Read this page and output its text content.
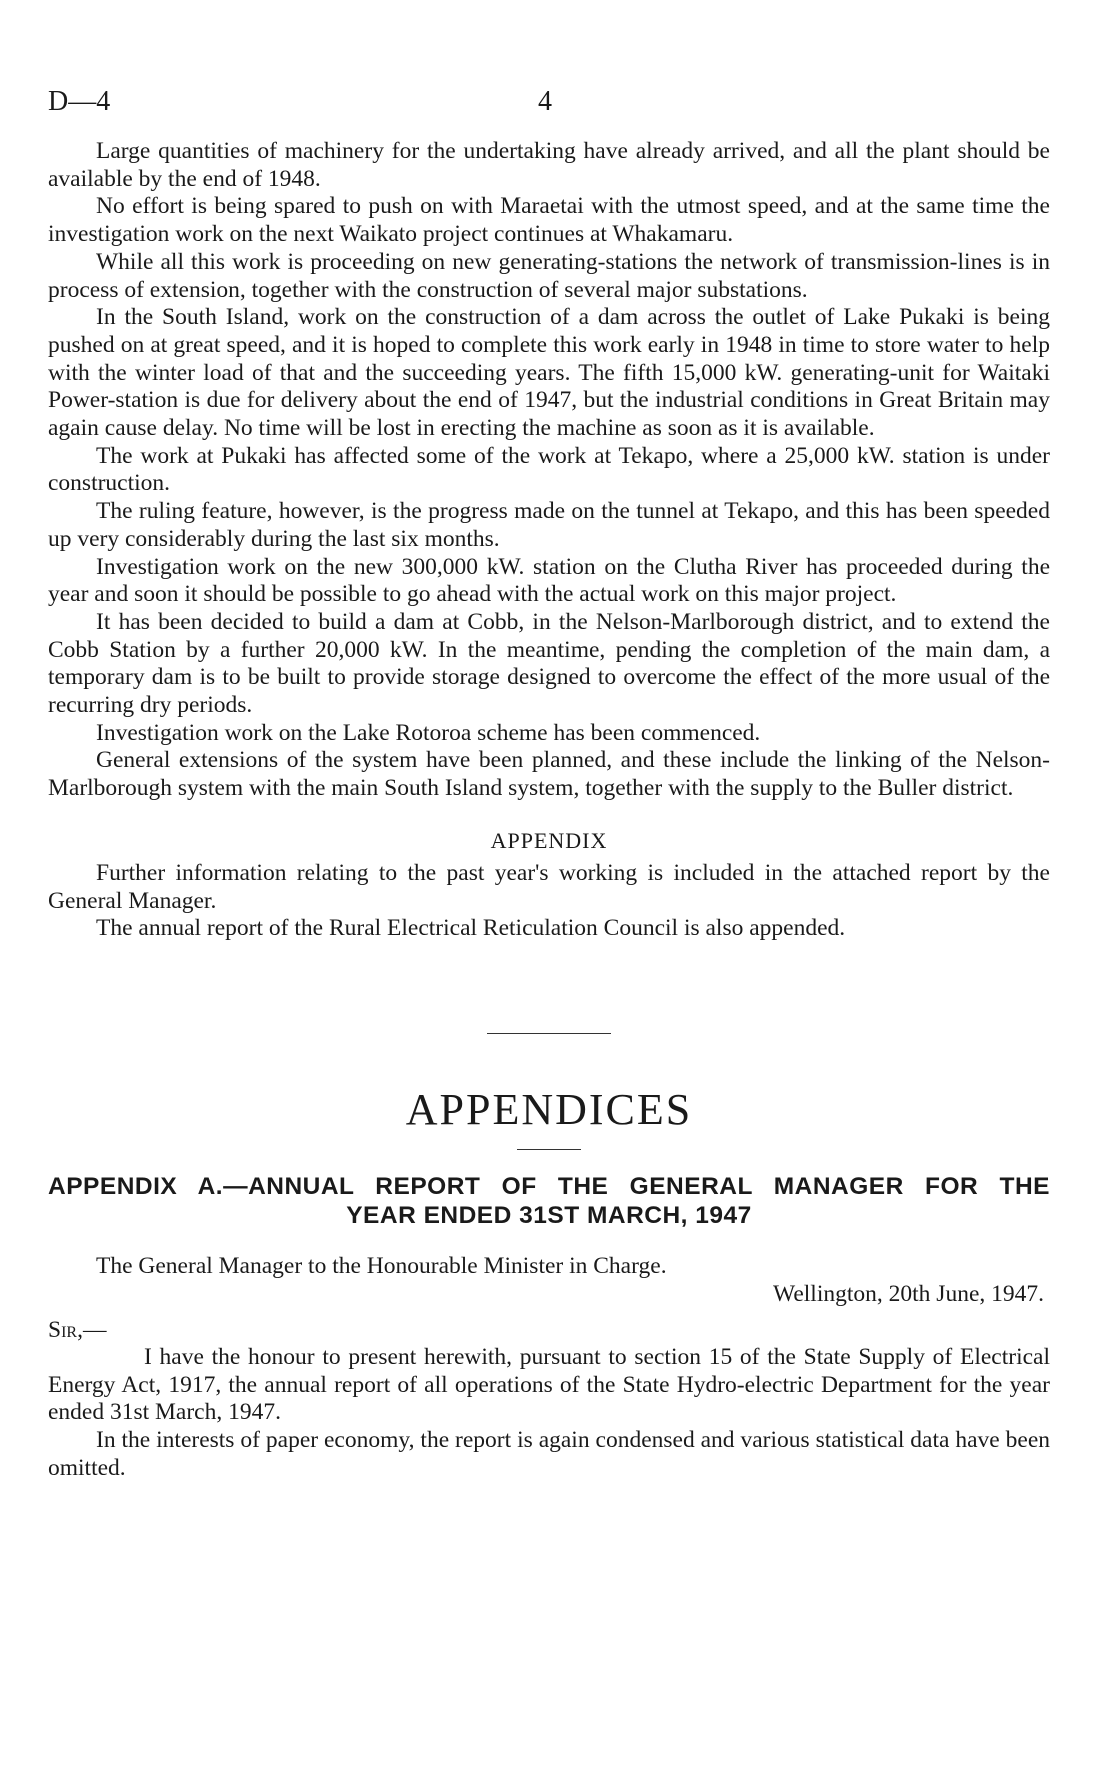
D—4	4

Large quantities of machinery for the undertaking have already arrived, and all the plant should be available by the end of 1948.

No effort is being spared to push on with Maraetai with the utmost speed, and at the same time the investigation work on the next Waikato project continues at Whakamaru.

While all this work is proceeding on new generating-stations the network of transmission-lines is in process of extension, together with the construction of several major substations.

In the South Island, work on the construction of a dam across the outlet of Lake Pukaki is being pushed on at great speed, and it is hoped to complete this work early in 1948 in time to store water to help with the winter load of that and the succeeding years. The fifth 15,000 kW. generating-unit for Waitaki Power-station is due for delivery about the end of 1947, but the industrial conditions in Great Britain may again cause delay. No time will be lost in erecting the machine as soon as it is available.

The work at Pukaki has affected some of the work at Tekapo, where a 25,000 kW. station is under construction.

The ruling feature, however, is the progress made on the tunnel at Tekapo, and this has been speeded up very considerably during the last six months.

Investigation work on the new 300,000 kW. station on the Clutha River has proceeded during the year and soon it should be possible to go ahead with the actual work on this major project.

It has been decided to build a dam at Cobb, in the Nelson-Marlborough district, and to extend the Cobb Station by a further 20,000 kW. In the meantime, pending the completion of the main dam, a temporary dam is to be built to provide storage designed to overcome the effect of the more usual of the recurring dry periods.

Investigation work on the Lake Rotoroa scheme has been commenced.

General extensions of the system have been planned, and these include the linking of the Nelson-Marlborough system with the main South Island system, together with the supply to the Buller district.

APPENDIX

Further information relating to the past year's working is included in the attached report by the General Manager.

The annual report of the Rural Electrical Reticulation Council is also appended.

APPENDICES
APPENDIX A.—ANNUAL REPORT OF THE GENERAL MANAGER FOR THE
YEAR ENDED 31ST MARCH, 1947
The General Manager to the Honourable Minister in Charge.
Wellington, 20th June, 1947.
Sir,—

I have the honour to present herewith, pursuant to section 15 of the State Supply of Electrical Energy Act, 1917, the annual report of all operations of the State Hydro-electric Department for the year ended 31st March, 1947.

In the interests of paper economy, the report is again condensed and various statistical data have been omitted.
